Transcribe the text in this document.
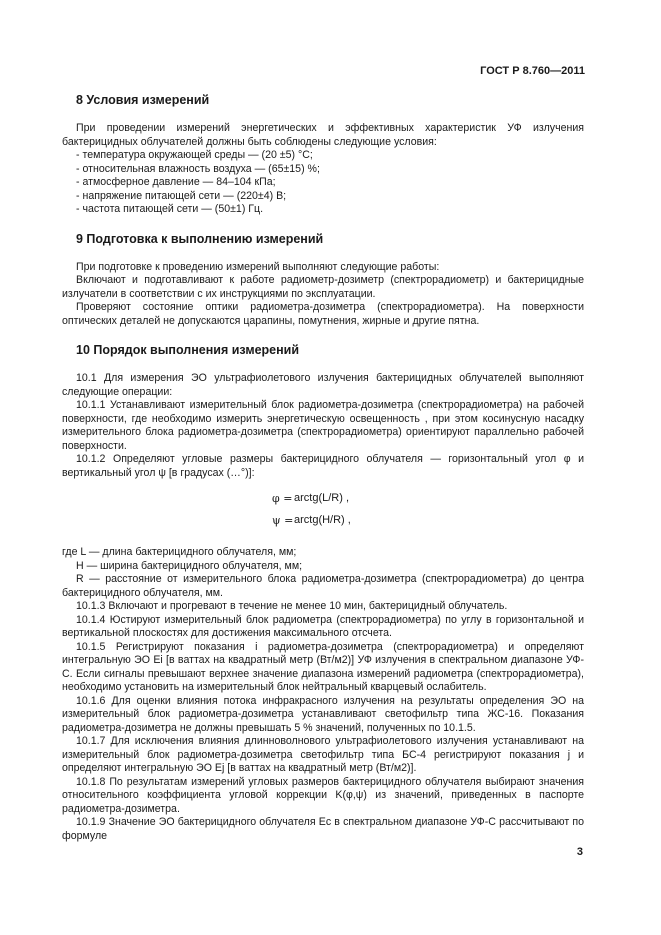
ГОСТ Р 8.760—2011
8 Условия измерений

При проведении измерений энергетических и эффективных характеристик УФ излучения бактерицидных облучателей должны быть соблюдены следующие условия:

- температура окружающей среды — (20 ±5) °С;

- относительная влажность воздуха — (65±15) %;

- атмосферное давление — 84–104 кПа;

- напряжение питающей сети — (220±4) В;

- частота питающей сети — (50±1) Гц.

9 Подготовка к выполнению измерений

При подготовке к проведению измерений выполняют следующие работы:

Включают и подготавливают к работе радиометр-дозиметр (спектрорадиометр) и бактерицидные излучатели в соответствии с их инструкциями по эксплуатации.

Проверяют состояние оптики радиометра-дозиметра (спектрорадиометра). На поверхности оптических деталей не допускаются царапины, помутнения, жирные и другие пятна.

10 Порядок выполнения измерений

10.1 Для измерения ЭО ультрафиолетового излучения бактерицидных облучателей выполняют следующие операции:

10.1.1 Устанавливают измерительный блок радиометра-дозиметра (спектрорадиометра) на рабочей поверхности, где необходимо измерить энергетическую освещенность , при этом косинусную насадку измерительного блока радиометра-дозиметра (спектрорадиометра) ориентируют параллельно рабочей поверхности.

10.1.2 Определяют угловые размеры бактерицидного облучателя — горизонтальный угол φ и вертикальный угол ψ [в градусах (…°)]:

φ = arctg(L/R) ,
ψ = arctg(H/R) ,

где L — длина бактерицидного облучателя, мм;

H — ширина бактерицидного облучателя, мм;

R — расстояние от измерительного блока радиометра-дозиметра (спектрорадиометра) до центра бактерицидного облучателя, мм.

10.1.3 Включают и прогревают в течение не менее 10 мин, бактерицидный облучатель.

10.1.4 Юстируют измерительный блок радиометра (спектрорадиометра) по углу в горизонтальной и вертикальной плоскостях для достижения максимального отсчета.

10.1.5 Регистрируют показания i радиометра-дозиметра (спектрорадиометра) и определяют интегральную ЭО Ei [в ваттах на квадратный метр (Вт/м2)] УФ излучения в спектральном диапазоне УФ-С. Если сигналы превышают верхнее значение диапазона измерений радиометра (спектрорадиометра), необходимо установить на измерительный блок нейтральный кварцевый ослабитель.

10.1.6 Для оценки влияния потока инфракрасного излучения на результаты определения ЭО на измерительный блок радиометра-дозиметра устанавливают светофильтр типа ЖС-16. Показания радиометра-дозиметра не должны превышать 5 % значений, полученных по 10.1.5.

10.1.7 Для исключения влияния длинноволнового ультрафиолетового излучения устанавливают на измерительный блок радиометра-дозиметра светофильтр типа БС-4 регистрируют показания j и определяют интегральную ЭО Ej [в ваттах на квадратный метр (Вт/м2)].

10.1.8 По результатам измерений угловых размеров бактерицидного облучателя выбирают значения относительного коэффициента угловой коррекции K(φ,ψ) из значений, приведенных в паспорте радиометра-дозиметра.

10.1.9 Значение ЭО бактерицидного облучателя Ec в спектральном диапазоне УФ-С рассчитывают по формуле

3
